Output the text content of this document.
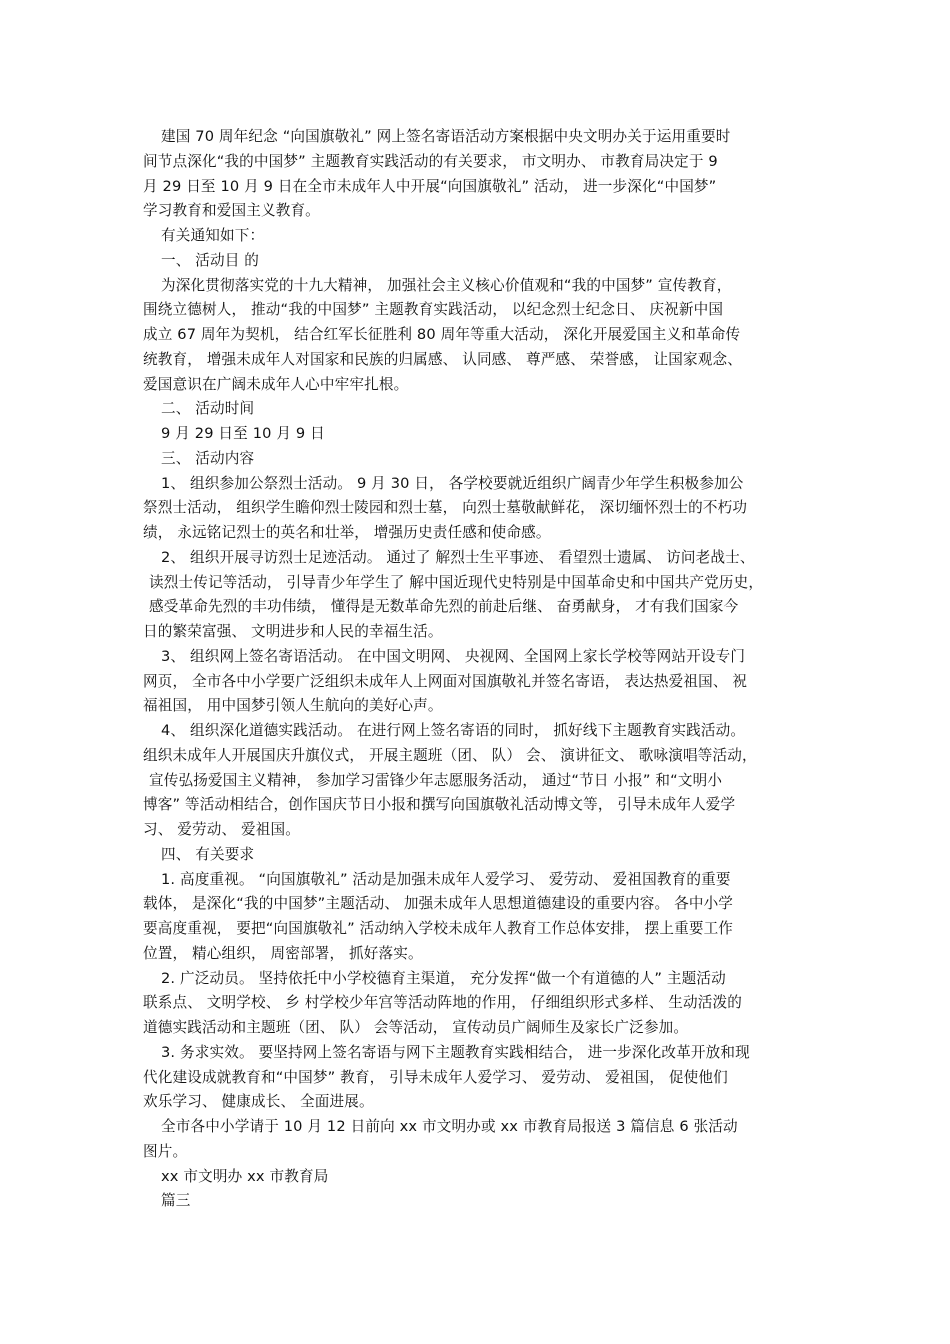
建国 70 周年纪念 “向国旗敬礼” 网上签名寄语活动方案根据中央文明办关于运用重要时
间节点深化“我的中国梦” 主题教育实践活动的有关要求， 市文明办、 市教育局决定于 9
月 29 日至 10 月 9 日在全市未成年人中开展“向国旗敬礼” 活动， 进一步深化“中国梦”
学习教育和爱国主义教育。
有关通知如下：
一、 活动目 的
为深化贯彻落实党的十九大精神， 加强社会主义核心价值观和“我的中国梦” 宣传教育，
围绕立德树人， 推动“我的中国梦” 主题教育实践活动， 以纪念烈士纪念日、 庆祝新中国
成立 67 周年为契机， 结合红军长征胜利 80 周年等重大活动， 深化开展爱国主义和革命传
统教育， 增强未成年人对国家和民族的归属感、 认同感、 尊严感、 荣誉感， 让国家观念、
爱国意识在广阔未成年人心中牢牢扎根。
二、 活动时间
9 月 29 日至 10 月 9 日
三、 活动内容
1、 组织参加公祭烈士活动。 9 月 30 日， 各学校要就近组织广阔青少年学生积极参加公
祭烈士活动， 组织学生瞻仰烈士陵园和烈士墓， 向烈士墓敬献鲜花， 深切缅怀烈士的不朽功
绩， 永远铭记烈士的英名和壮举， 增强历史责任感和使命感。
2、 组织开展寻访烈士足迹活动。 通过了 解烈士生平事迹、 看望烈士遗属、 访问老战士、
读烈士传记等活动， 引导青少年学生了 解中国近现代史特别是中国革命史和中国共产党历史，
感受革命先烈的丰功伟绩， 懂得是无数革命先烈的前赴后继、 奋勇献身， 才有我们国家今
日的繁荣富强、 文明进步和人民的幸福生活。
3、 组织网上签名寄语活动。 在中国文明网、 央视网、全国网上家长学校等网站开设专门
网页， 全市各中小学要广泛组织未成年人上网面对国旗敬礼并签名寄语， 表达热爱祖国、 祝
福祖国， 用中国梦引领人生航向的美好心声。
4、 组织深化道德实践活动。 在进行网上签名寄语的同时， 抓好线下主题教育实践活动。
组织未成年人开展国庆升旗仪式， 开展主题班（团、 队） 会、 演讲征文、 歌咏演唱等活动，
宣传弘扬爱国主义精神， 参加学习雷锋少年志愿服务活动， 通过“节日 小报” 和“文明小
博客” 等活动相结合，创作国庆节日小报和撰写向国旗敬礼活动博文等， 引导未成年人爱学
习、 爱劳动、 爱祖国。
四、 有关要求
1. 高度重视。 “向国旗敬礼” 活动是加强未成年人爱学习、 爱劳动、 爱祖国教育的重要
载体， 是深化“我的中国梦”主题活动、 加强未成年人思想道德建设的重要内容。 各中小学
要高度重视， 要把“向国旗敬礼” 活动纳入学校未成年人教育工作总体安排， 摆上重要工作
位置， 精心组织， 周密部署， 抓好落实。
2. 广泛动员。 坚持依托中小学校德育主渠道， 充分发挥“做一个有道德的人” 主题活动
联系点、 文明学校、 乡 村学校少年宫等活动阵地的作用， 仔细组织形式多样、 生动活泼的
道德实践活动和主题班（团、 队） 会等活动， 宣传动员广阔师生及家长广泛参加。
3. 务求实效。 要坚持网上签名寄语与网下主题教育实践相结合， 进一步深化改革开放和现
代化建设成就教育和“中国梦” 教育， 引导未成年人爱学习、 爱劳动、 爱祖国， 促使他们
欢乐学习、 健康成长、 全面进展。
全市各中小学请于 10 月 12 日前向 xx 市文明办或 xx 市教育局报送 3 篇信息 6 张活动
图片。
xx 市文明办 xx 市教育局
篇三
